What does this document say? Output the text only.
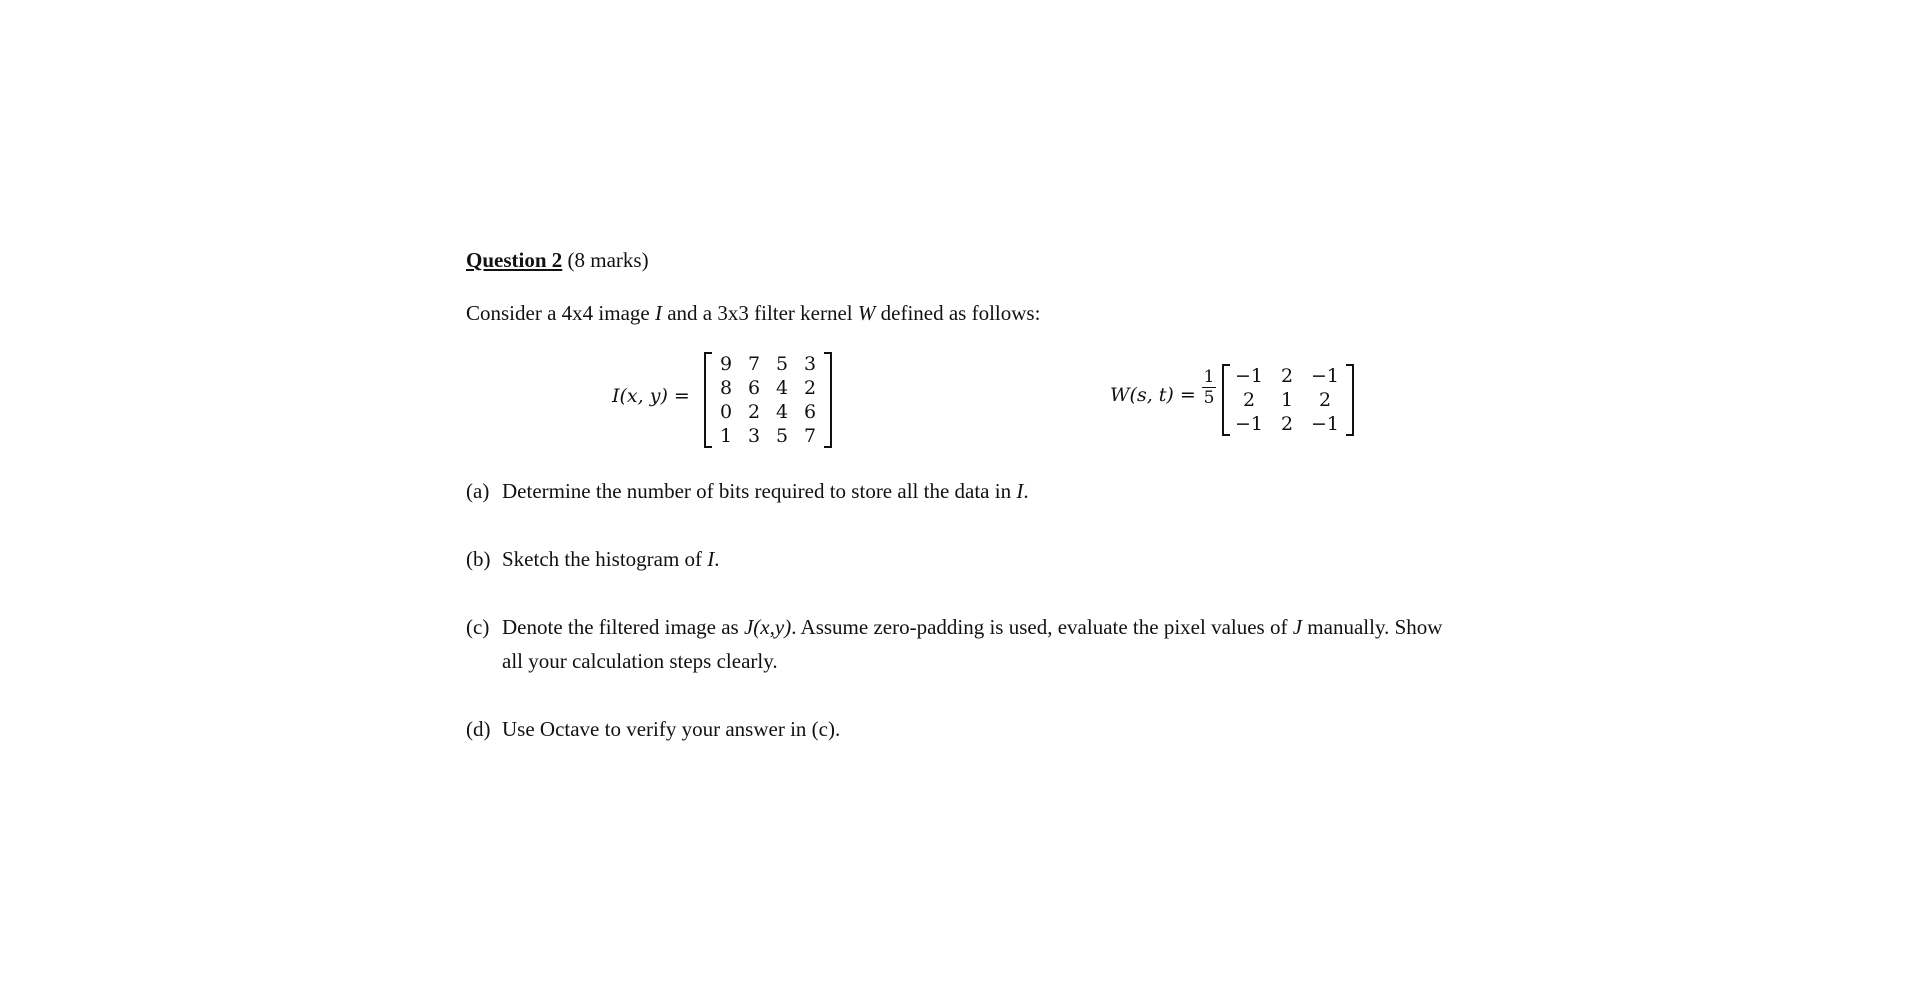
Question 2 (8 marks)
Consider a 4x4 image I and a 3x3 filter kernel W defined as follows:
I(x, y) =
9 7 5 3
8 6 4 2
0 2 4 6
1 3 5 7
W(s, t) =
1
5
−1 2 −1
2	1	2
−1 2 −1
(a) Determine the number of bits required to store all the data in I.
(b) Sketch the histogram of I.
(c) Denote the filtered image as J(x,y). Assume zero-padding is used, evaluate the pixel values of J manually. Show
all your calculation steps clearly.
(d) Use Octave to verify your answer in (c).
